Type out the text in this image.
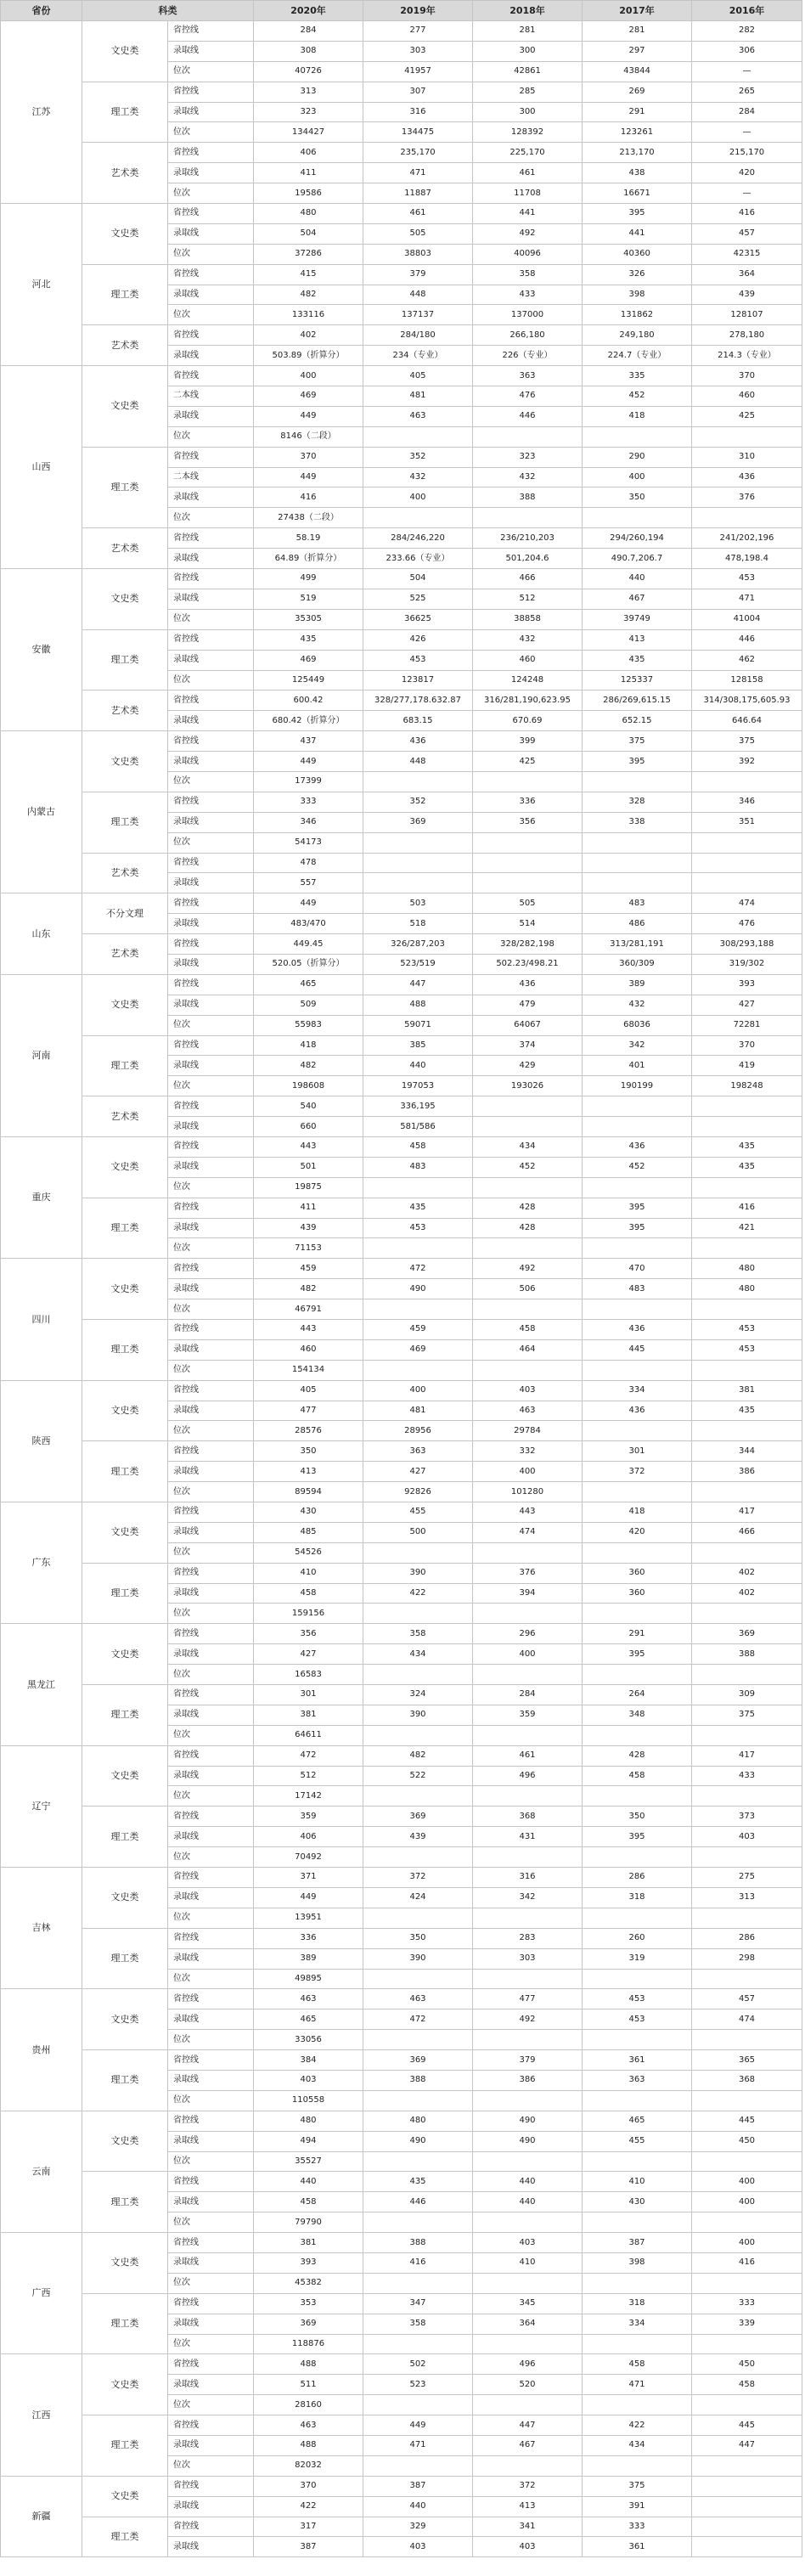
省份	科类		2020年	2019年	2018年	2017年	2016年
江苏	文史类	省控线	284	277	281	281	282
		录取线	308	303	300	297	306
		位次	40726	41957	42861	43844	—
	理工类	省控线	313	307	285	269	265
		录取线	323	316	300	291	284
		位次	134427	134475	128392	123261	—
	艺术类	省控线	406	235,170	225,170	213,170	215,170
		录取线	411	471	461	438	420
		位次	19586	11887	11708	16671	—
河北	文史类	省控线	480	461	441	395	416
		录取线	504	505	492	441	457
		位次	37286	38803	40096	40360	42315
	理工类	省控线	415	379	358	326	364
		录取线	482	448	433	398	439
		位次	133116	137137	137000	131862	128107
	艺术类	省控线	402	284/180	266,180	249,180	278,180
		录取线	503.89（折算分）	234（专业）	226（专业）	224.7（专业）	214.3（专业）
山西	文史类	省控线	400	405	363	335	370
		二本线	469	481	476	452	460
		录取线	449	463	446	418	425
		位次	8146（二段）				
	理工类	省控线	370	352	323	290	310
		二本线	449	432	432	400	436
		录取线	416	400	388	350	376
		位次	27438（二段）				
	艺术类	省控线	58.19	284/246,220	236/210,203	294/260,194	241/202,196
		录取线	64.89（折算分）	233.66（专业）	501,204.6	490.7,206.7	478,198.4
安徽	文史类	省控线	499	504	466	440	453
		录取线	519	525	512	467	471
		位次	35305	36625	38858	39749	41004
	理工类	省控线	435	426	432	413	446
		录取线	469	453	460	435	462
		位次	125449	123817	124248	125337	128158
	艺术类	省控线	600.42	328/277,178.632.87	316/281,190,623.95	286/269,615.15	314/308,175,605.93
		录取线	680.42（折算分）	683.15	670.69	652.15	646.64
内蒙古	文史类	省控线	437	436	399	375	375
		录取线	449	448	425	395	392
		位次	17399				
	理工类	省控线	333	352	336	328	346
		录取线	346	369	356	338	351
		位次	54173				
	艺术类	省控线	478				
		录取线	557				
山东	不分文理	省控线	449	503	505	483	474
		录取线	483/470	518	514	486	476
	艺术类	省控线	449.45	326/287,203	328/282,198	313/281,191	308/293,188
		录取线	520.05（折算分）	523/519	502.23/498.21	360/309	319/302
河南	文史类	省控线	465	447	436	389	393
		录取线	509	488	479	432	427
		位次	55983	59071	64067	68036	72281
	理工类	省控线	418	385	374	342	370
		录取线	482	440	429	401	419
		位次	198608	197053	193026	190199	198248
	艺术类	省控线	540	336,195			
		录取线	660	581/586			
重庆	文史类	省控线	443	458	434	436	435
		录取线	501	483	452	452	435
		位次	19875				
	理工类	省控线	411	435	428	395	416
		录取线	439	453	428	395	421
		位次	71153				
四川	文史类	省控线	459	472	492	470	480
		录取线	482	490	506	483	480
		位次	46791				
	理工类	省控线	443	459	458	436	453
		录取线	460	469	464	445	453
		位次	154134				
陕西	文史类	省控线	405	400	403	334	381
		录取线	477	481	463	436	435
		位次	28576	28956	29784		
	理工类	省控线	350	363	332	301	344
		录取线	413	427	400	372	386
		位次	89594	92826	101280		
广东	文史类	省控线	430	455	443	418	417
		录取线	485	500	474	420	466
		位次	54526				
	理工类	省控线	410	390	376	360	402
		录取线	458	422	394	360	402
		位次	159156				
黑龙江	文史类	省控线	356	358	296	291	369
		录取线	427	434	400	395	388
		位次	16583				
	理工类	省控线	301	324	284	264	309
		录取线	381	390	359	348	375
		位次	64611				
辽宁	文史类	省控线	472	482	461	428	417
		录取线	512	522	496	458	433
		位次	17142				
	理工类	省控线	359	369	368	350	373
		录取线	406	439	431	395	403
		位次	70492				
吉林	文史类	省控线	371	372	316	286	275
		录取线	449	424	342	318	313
		位次	13951				
	理工类	省控线	336	350	283	260	286
		录取线	389	390	303	319	298
		位次	49895				
贵州	文史类	省控线	463	463	477	453	457
		录取线	465	472	492	453	474
		位次	33056				
	理工类	省控线	384	369	379	361	365
		录取线	403	388	386	363	368
		位次	110558				
云南	文史类	省控线	480	480	490	465	445
		录取线	494	490	490	455	450
		位次	35527				
	理工类	省控线	440	435	440	410	400
		录取线	458	446	440	430	400
		位次	79790				
广西	文史类	省控线	381	388	403	387	400
		录取线	393	416	410	398	416
		位次	45382				
	理工类	省控线	353	347	345	318	333
		录取线	369	358	364	334	339
		位次	118876				
江西	文史类	省控线	488	502	496	458	450
		录取线	511	523	520	471	458
		位次	28160				
	理工类	省控线	463	449	447	422	445
		录取线	488	471	467	434	447
		位次	82032				
新疆	文史类	省控线	370	387	372	375	
		录取线	422	440	413	391	
	理工类	省控线	317	329	341	333	
		录取线	387	403	403	361	
